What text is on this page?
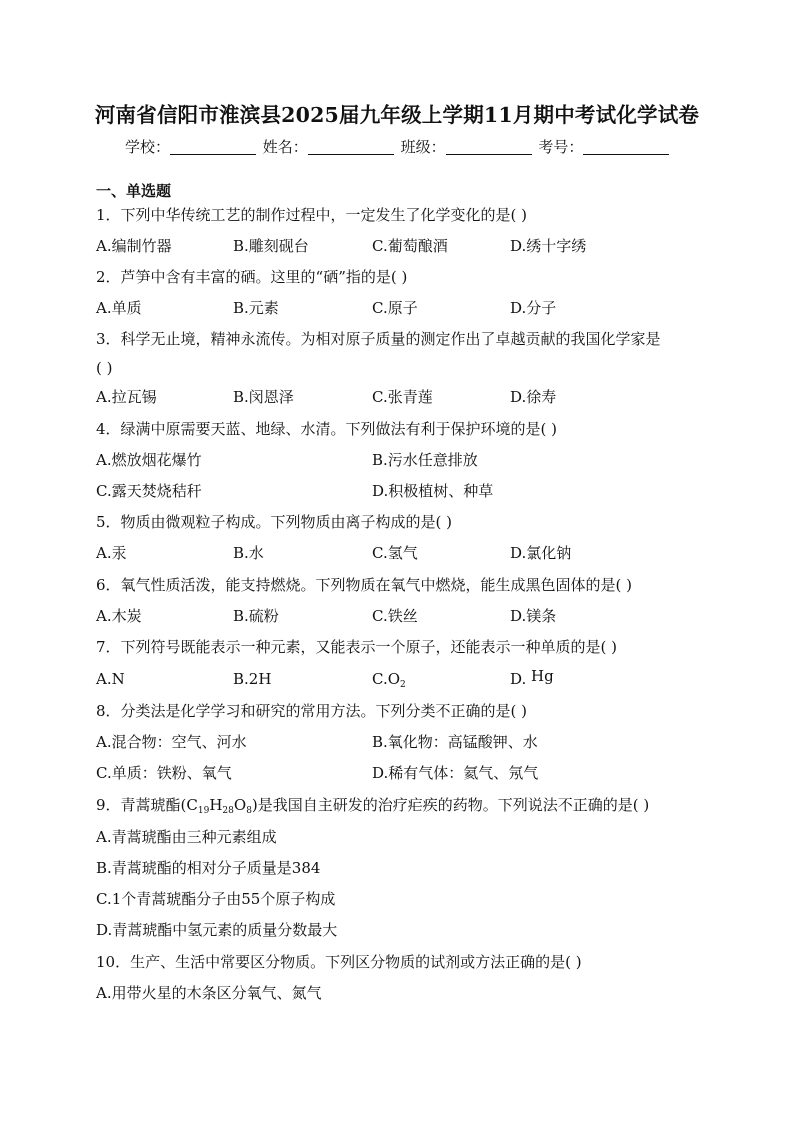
河南省信阳市淮滨县2025届九年级上学期11月期中考试化学试卷
学校：	姓名：	班级：	考号：
一、单选题
1．下列中华传统工艺的制作过程中，一定发生了化学变化的是( )
A.编制竹器	B.雕刻砚台	C.葡萄酿酒	D.绣十字绣
2．芦笋中含有丰富的硒。这里的“硒”指的是( )
A.单质	B.元素	C.原子	D.分子
3．科学无止境，精神永流传。为相对原子质量的测定作出了卓越贡献的我国化学家是
( )
A.拉瓦锡	B.闵恩泽	C.张青莲	D.徐寿
4．绿满中原需要天蓝、地绿、水清。下列做法有利于保护环境的是( )
A.燃放烟花爆竹	B.污水任意排放
C.露天焚烧秸秆	D.积极植树、种草
5．物质由微观粒子构成。下列物质由离子构成的是( )
A.汞	B.水	C.氢气	D.氯化钠
6．氧气性质活泼，能支持燃烧。下列物质在氧气中燃烧，能生成黑色固体的是( )
A.木炭	B.硫粉	C.铁丝	D.镁条
7．下列符号既能表示一种元素，又能表示一个原子，还能表示一种单质的是( )
A.N	B.2H	$C.O_2$	D. Hg
8．分类法是化学学习和研究的常用方法。下列分类不正确的是( )
A.混合物：空气、河水	B.氧化物：高锰酸钾、水
C.单质：铁粉、氧气	D.稀有气体：氦气、氖气
9．青蒿琥酯$(C_{19}H_{28}O_8)$是我国自主研发的治疗疟疾的药物。下列说法不正确的是( )
A.青蒿琥酯由三种元素组成
B.青蒿琥酯的相对分子质量是384
C.1个青蒿琥酯分子由55个原子构成
D.青蒿琥酯中氢元素的质量分数最大
10．生产、生活中常要区分物质。下列区分物质的试剂或方法正确的是( )
A.用带火星的木条区分氧气、氮气
